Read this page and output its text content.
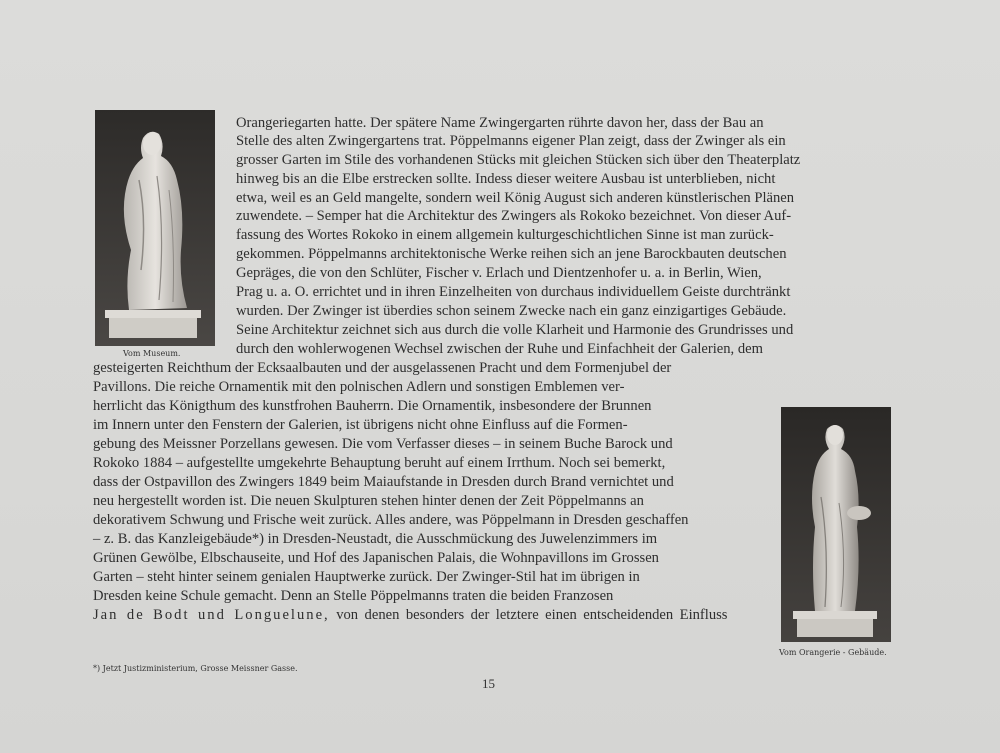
Vom Museum.
Vom Orangerie - Gebäude.
Orangeriegarten hatte. Der spätere Name Zwingergarten rührte davon her, dass der Bau an
Stelle des alten Zwingergartens trat. Pöppelmanns eigener Plan zeigt, dass der Zwinger als ein
grosser Garten im Stile des vorhandenen Stücks mit gleichen Stücken sich über den Theaterplatz
hinweg bis an die Elbe erstrecken sollte. Indess dieser weitere Ausbau ist unterblieben, nicht
etwa, weil es an Geld mangelte, sondern weil König August sich anderen künstlerischen Plänen
zuwendete. – Semper hat die Architektur des Zwingers als Rokoko bezeichnet. Von dieser Auf-
fassung des Wortes Rokoko in einem allgemein kulturgeschichtlichen Sinne ist man zurück-
gekommen. Pöppelmanns architektonische Werke reihen sich an jene Barockbauten deutschen
Gepräges, die von den Schlüter, Fischer v. Erlach und Dientzenhofer u. a. in Berlin, Wien,
Prag u. a. O. errichtet und in ihren Einzelheiten von durchaus individuellem Geiste durchtränkt
wurden. Der Zwinger ist überdies schon seinem Zwecke nach ein ganz einzigartiges Gebäude.
Seine Architektur zeichnet sich aus durch die volle Klarheit und Harmonie des Grundrisses und
durch den wohlerwogenen Wechsel zwischen der Ruhe und Einfachheit der Galerien, dem
gesteigerten Reichthum der Ecksaalbauten und der ausgelassenen Pracht und dem Formenjubel der
Pavillons. Die reiche Ornamentik mit den polnischen Adlern und sonstigen Emblemen ver-
herrlicht das Königthum des kunstfrohen Bauherrn. Die Ornamentik, insbesondere der Brunnen
im Innern unter den Fenstern der Galerien, ist übrigens nicht ohne Einfluss auf die Formen-
gebung des Meissner Porzellans gewesen. Die vom Verfasser dieses – in seinem Buche Barock und
Rokoko 1884 – aufgestellte umgekehrte Behauptung beruht auf einem Irrthum. Noch sei bemerkt,
dass der Ostpavillon des Zwingers 1849 beim Maiaufstande in Dresden durch Brand vernichtet und
neu hergestellt worden ist. Die neuen Skulpturen stehen hinter denen der Zeit Pöppelmanns an
dekorativem Schwung und Frische weit zurück. Alles andere, was Pöppelmann in Dresden geschaffen
– z. B. das Kanzleigebäude*) in Dresden-Neustadt, die Ausschmückung des Juwelenzimmers im
Grünen Gewölbe, Elbschauseite, und Hof des Japanischen Palais, die Wohnpavillons im Grossen
Garten – steht hinter seinem genialen Hauptwerke zurück. Der Zwinger-Stil hat im übrigen in
Dresden keine Schule gemacht. Denn an Stelle Pöppelmanns traten die beiden Franzosen
Jan de Bodt und Longuelune, von denen besonders der letztere einen entscheidenden Einfluss
*) Jetzt Justizministerium, Grosse Meissner Gasse.
15
